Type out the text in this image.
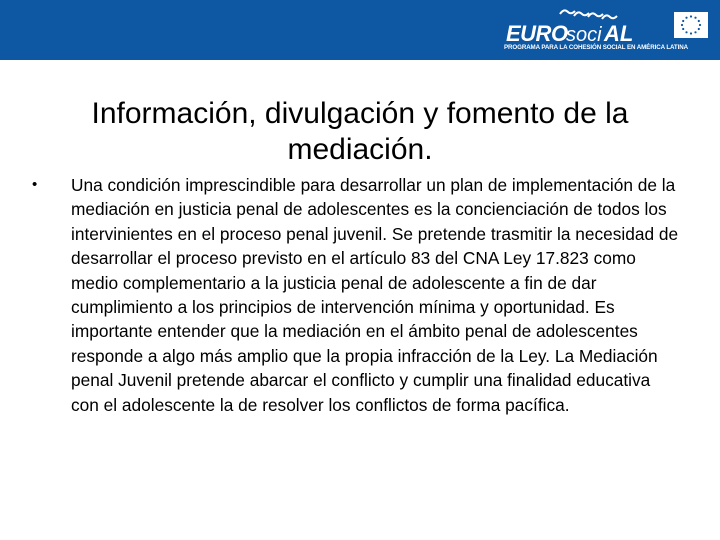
EURO
soci AL
PROGRAMA PARA LA COHESIÓN SOCIAL EN AMÉRICA LATINA
Información, divulgación y fomento de la mediación.
• Una condición imprescindible para desarrollar un plan de implementación de la mediación en justicia penal de adolescentes es la concienciación de todos los intervinientes en el proceso penal juvenil. Se pretende trasmitir la necesidad de desarrollar el proceso previsto en el artículo 83 del CNA Ley 17.823 como medio complementario a la justicia penal de adolescente a fin de dar cumplimiento a los principios de intervención mínima y oportunidad. Es importante entender que la mediación en el ámbito penal de adolescentes responde a algo más amplio que la propia infracción de la Ley. La Mediación penal Juvenil pretende abarcar el conflicto y cumplir una finalidad educativa con el adolescente la de resolver los conflictos de forma pacífica.
